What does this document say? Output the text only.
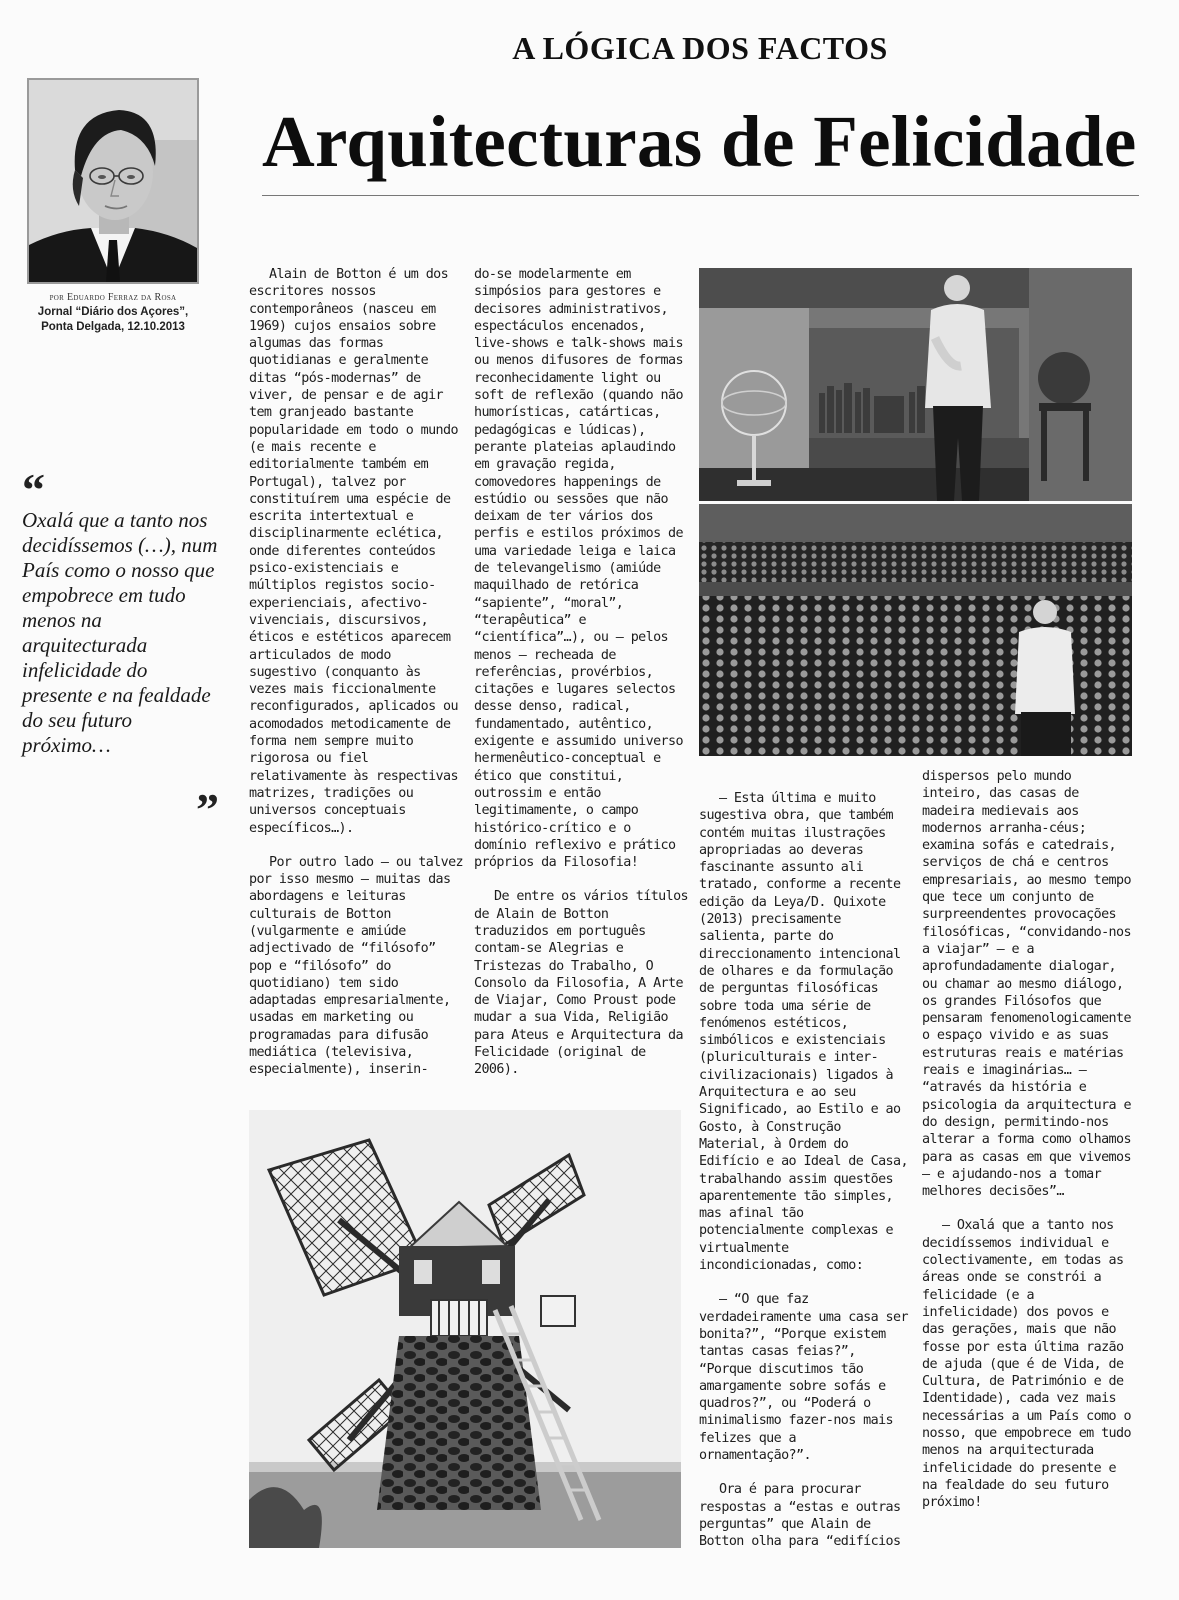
A LÓGICA DOS FACTOS
Arquitecturas de Felicidade
por Eduardo Ferraz da Rosa
Jornal “Diário dos Açores”,
Ponta Delgada, 12.10.2013
“
Oxalá que a tanto nos decidíssemos (…), num País como o nosso que empobrece em tudo menos na arquitecturada infelicidade do presente e na fealdade do seu futuro próximo…
”

Alain de Botton é um dos escritores nossos contemporâneos (nasceu em 1969) cujos ensaios sobre algumas das formas quotidianas e geralmente ditas “pós-modernas” de viver, de pensar e de agir tem granjeado bastante popularidade em todo o mundo (e mais recente e editorialmente também em Portugal), talvez por constituírem uma espécie de escrita intertextual e disciplinarmente eclética, onde diferentes conteúdos psico-existenciais e múltiplos registos socio-experienciais, afectivo-vivenciais, discursivos, éticos e estéticos aparecem articulados de modo sugestivo (conquanto às vezes mais ficcionalmente reconfigurados, aplicados ou acomodados metodicamente de forma nem sempre muito rigorosa ou fiel relativamente às respectivas matrizes, tradições ou universos conceptuais específicos…).

Por outro lado – ou talvez por isso mesmo – muitas das abordagens e leituras culturais de Botton (vulgarmente e amiúde adjectivado de “filósofo” pop e “filósofo” do quotidiano) tem sido adaptadas empresarialmente, usadas em marketing ou programadas para difusão mediática (televisiva, especialmente), inserin-

do-se modelarmente em simpósios para gestores e decisores administrativos, espectáculos encenados, live-shows e talk-shows mais ou menos difusores de formas reconhecidamente light ou soft de reflexão (quando não humorísticas, catárticas, pedagógicas e lúdicas), perante plateias aplaudindo em gravação regida, comovedores happenings de estúdio ou sessões que não deixam de ter vários dos perfis e estilos próximos de uma variedade leiga e laica de televangelismo (amiúde maquilhado de retórica “sapiente”, “moral”, “terapêutica” e “científica”…), ou – pelos menos – recheada de referências, provérbios, citações e lugares selectos desse denso, radical, fundamentado, autêntico, exigente e assumido universo hermenêutico-conceptual e ético que constitui, outrossim e então legitimamente, o campo histórico-crítico e o domínio reflexivo e prático próprios da Filosofia!

De entre os vários títulos de Alain de Botton traduzidos em português contam-se Alegrias e Tristezas do Trabalho, O Consolo da Filosofia, A Arte de Viajar, Como Proust pode mudar a sua Vida, Religião para Ateus e Arquitectura da Felicidade (original de 2006).

– Esta última e muito sugestiva obra, que também contém muitas ilustrações apropriadas ao deveras fascinante assunto ali tratado, conforme a recente edição da Leya/D. Quixote (2013) precisamente salienta, parte do direccionamento intencional de olhares e da formulação de perguntas filosóficas sobre toda uma série de fenómenos estéticos, simbólicos e existenciais (pluriculturais e inter-civilizacionais) ligados à Arquitectura e ao seu Significado, ao Estilo e ao Gosto, à Construção Material, à Ordem do Edifício e ao Ideal de Casa, trabalhando assim questões aparentemente tão simples, mas afinal tão potencialmente complexas e virtualmente incondicionadas, como:

– “O que faz verdadeiramente uma casa ser bonita?”, “Porque existem tantas casas feias?”, “Porque discutimos tão amargamente sobre sofás e quadros?”, ou “Poderá o minimalismo fazer-nos mais felizes que a ornamentação?”.

Ora é para procurar respostas a “estas e outras perguntas” que Alain de Botton olha para “edifícios

dispersos pelo mundo inteiro, das casas de madeira medievais aos modernos arranha-céus; examina sofás e catedrais, serviços de chá e centros empresariais, ao mesmo tempo que tece um conjunto de surpreendentes provocações filosóficas, “convidando-nos a viajar” – e a aprofundadamente dialogar, ou chamar ao mesmo diálogo, os grandes Filósofos que pensaram fenomenologicamente o espaço vivido e as suas estruturas reais e matérias reais e imaginárias… – “através da história e psicologia da arquitectura e do design, permitindo-nos alterar a forma como olhamos para as casas em que vivemos – e ajudando-nos a tomar melhores decisões”…

– Oxalá que a tanto nos decidíssemos individual e colectivamente, em todas as áreas onde se constrói a felicidade (e a infelicidade) dos povos e das gerações, mais que não fosse por esta última razão de ajuda (que é de Vida, de Cultura, de Património e de Identidade), cada vez mais necessárias a um País como o nosso, que empobrece em tudo menos na arquitecturada infelicidade do presente e na fealdade do seu futuro próximo!
